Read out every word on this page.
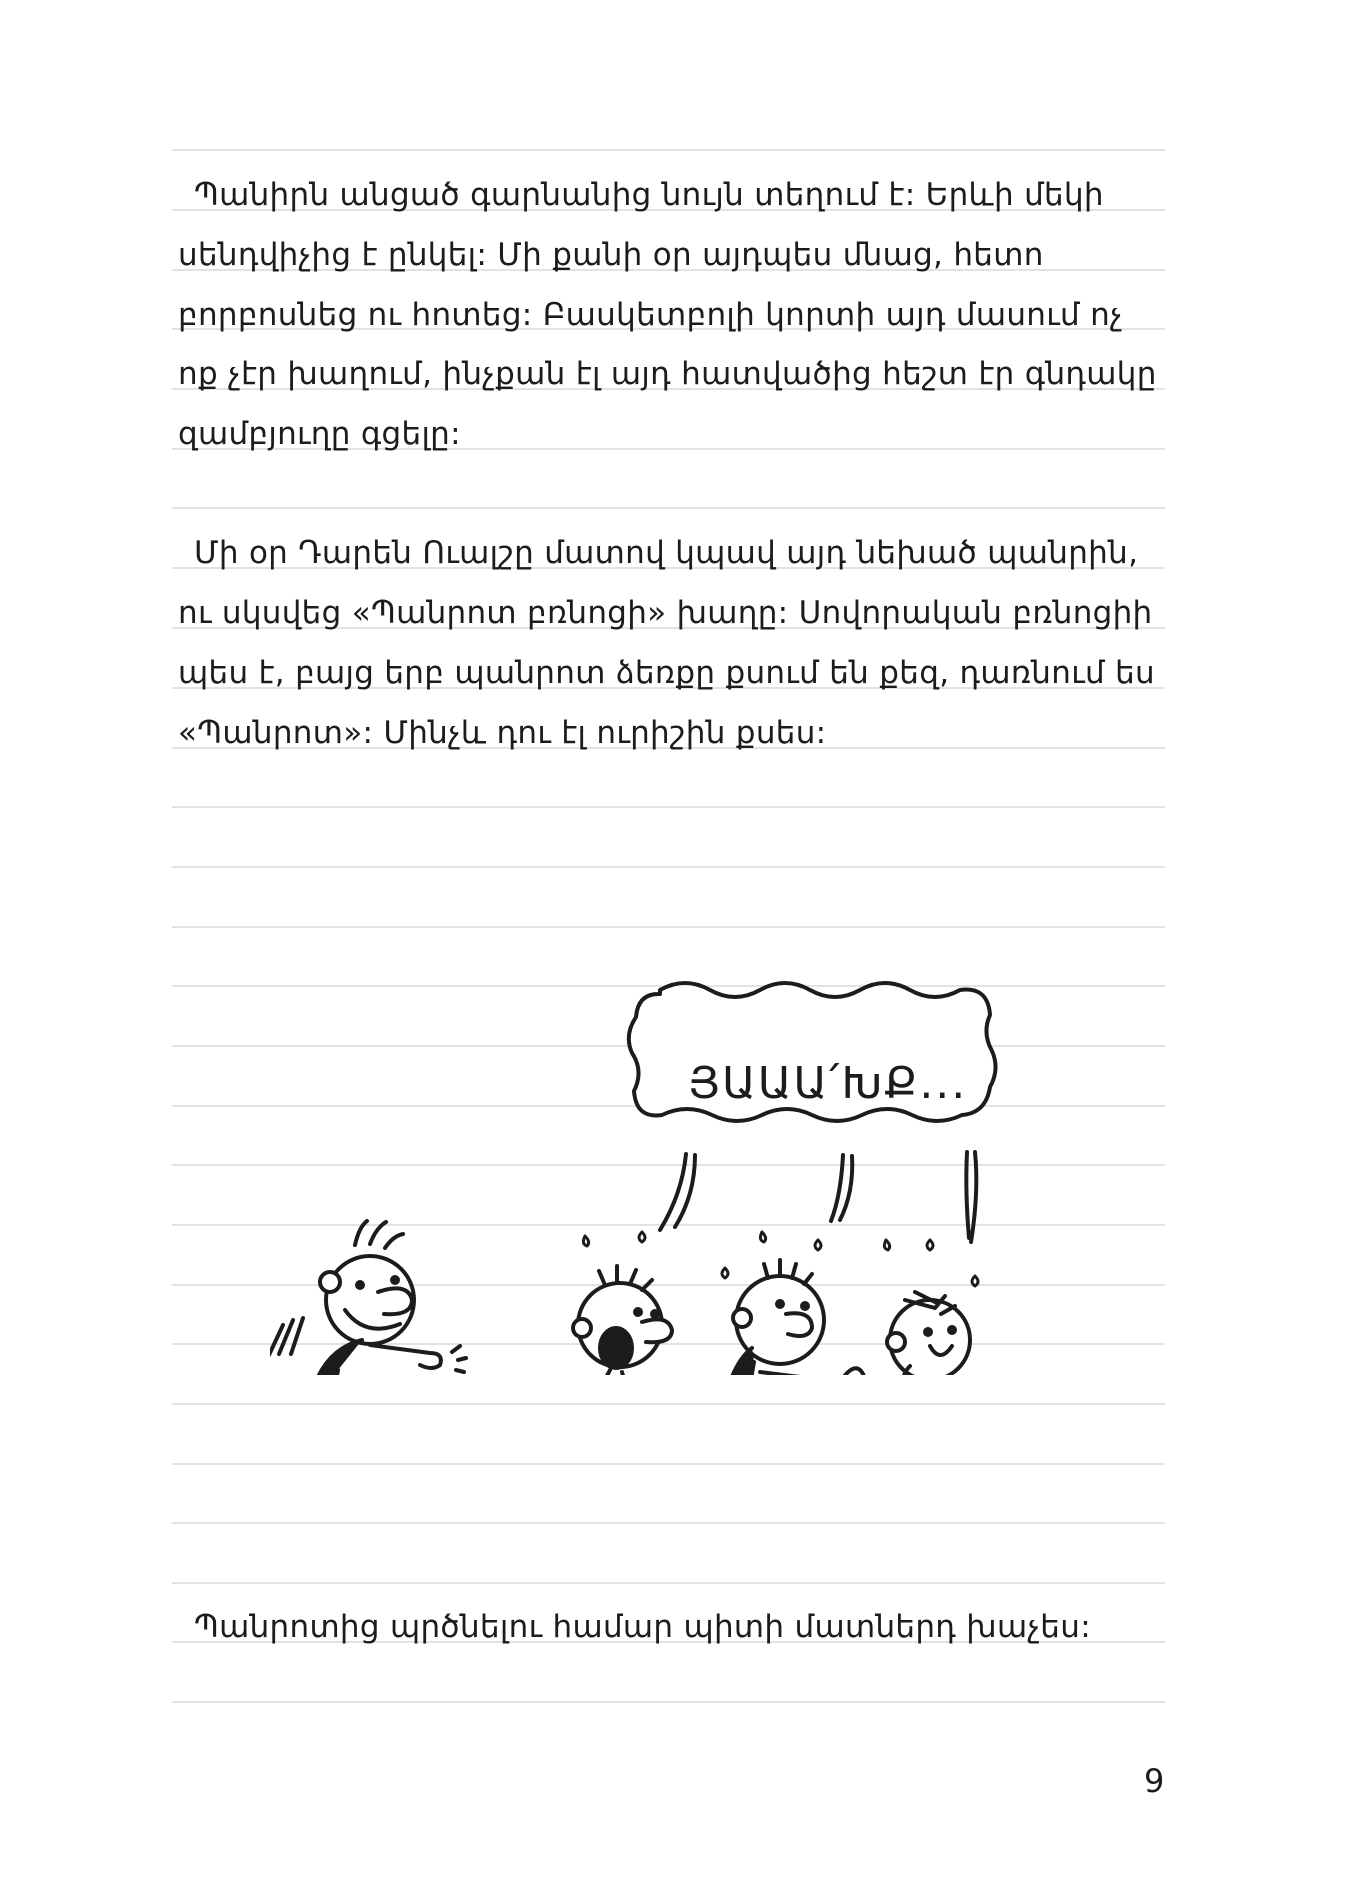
Պանիրն անցած գարնանից նույն տեղում է: Երևի մեկի
սենդվիչից է ընկել: Մի քանի օր այդպես մնաց, հետո
բորբոսնեց ու հոտեց: Բասկետբոլի կորտի այդ մասում ոչ
ոք չէր խաղում, ինչքան էլ այդ հատվածից հեշտ էր գնդակը
զամբյուղը գցելը:
Մի օր Դարեն Ուալշը մատով կպավ այդ նեխած պանրին,
ու սկսվեց «Պանրոտ բռնոցի» խաղը: Սովորական բռնոցիի
պես է, բայց երբ պանրոտ ձեռքը քսում են քեզ, դառնում ես
«Պանրոտ»: Մինչև դու էլ ուրիշին քսես:
ՅԱԱԱ՛ԽՔ...
Պանրոտից պրծնելու համար պիտի մատներդ խաչես:
9
